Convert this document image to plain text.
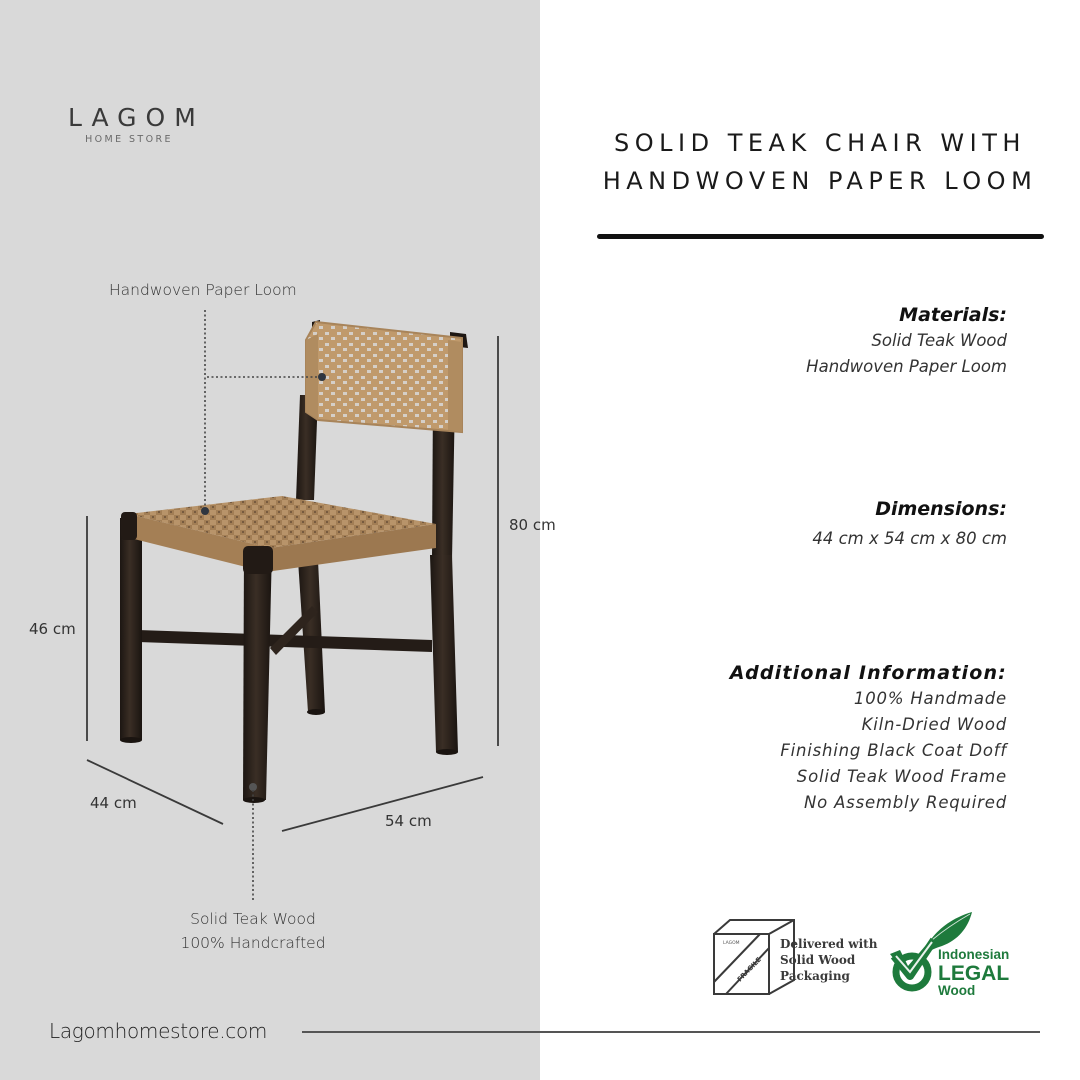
LAGOM
HOME STORE
Handwoven Paper Loom
Solid Teak Wood
100% Handcrafted
80 cm
46 cm
44 cm
54 cm
SOLID TEAK CHAIR WITH
HANDWOVEN PAPER LOOM
Materials:
Solid Teak Wood
Handwoven Paper Loom
Dimensions:
44 cm x 54 cm x 80 cm
Additional Information:
100% Handmade
Kiln-Dried Wood
Finishing Black Coat Doff
Solid Teak Wood Frame
No Assembly Required
LAGOM
FRAGILE
Delivered with
Solid Wood
Packaging
Indonesian
LEGAL
Wood
Lagomhomestore.com
